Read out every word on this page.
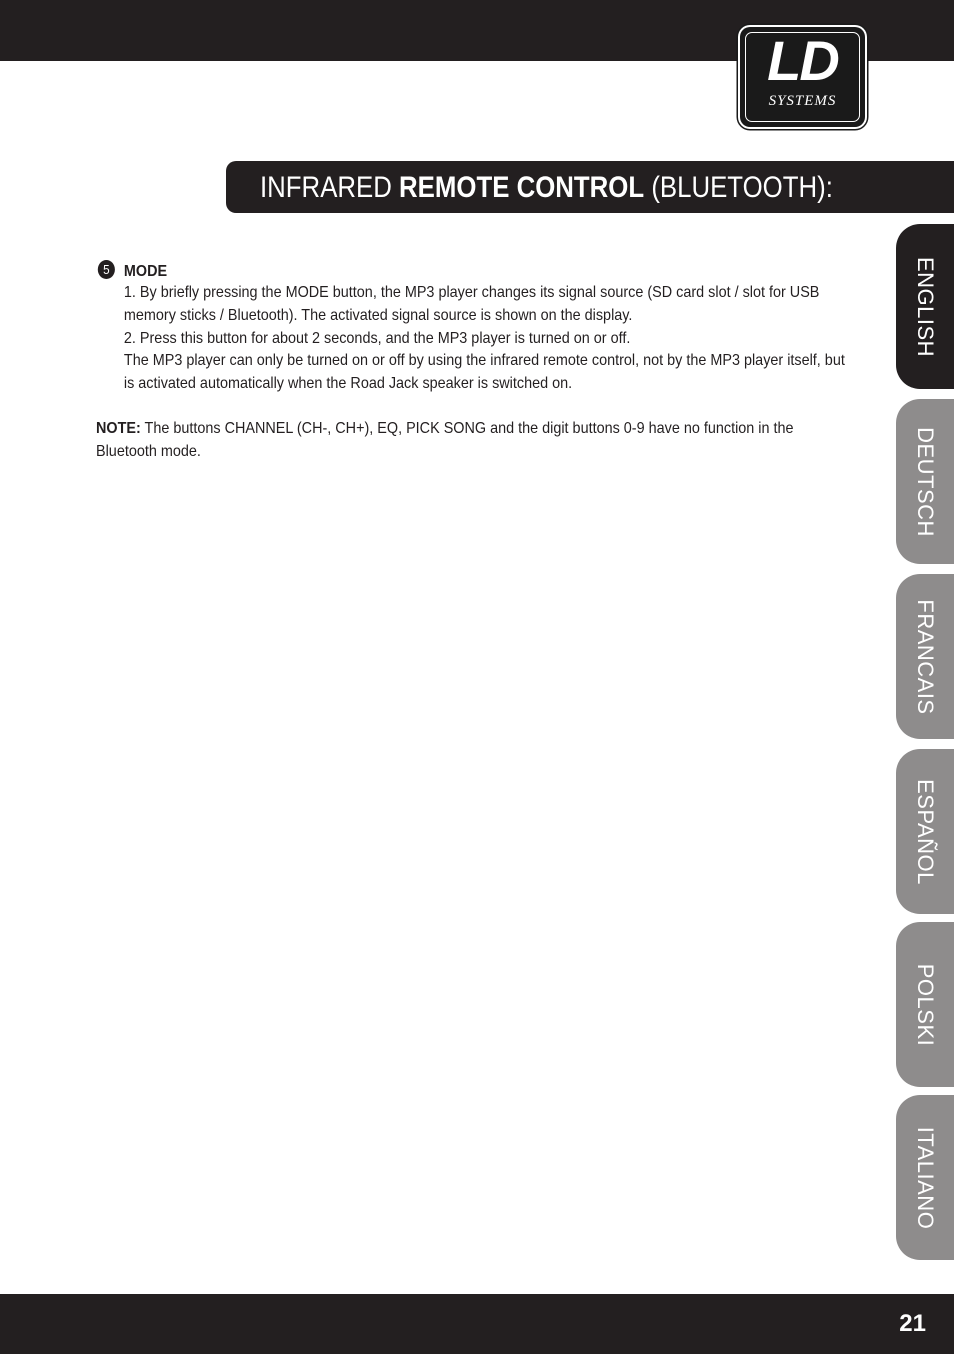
LD
SYSTEMS
INFRARED REMOTE CONTROL (BLUETOOTH):
5 MODE
1. By briefly pressing the MODE button, the MP3 player changes its signal source (SD card slot / slot for USB memory sticks / Bluetooth). The activated signal source is shown on the display.
2. Press this button for about 2 seconds, and the MP3 player is turned on or off.
The MP3 player can only be turned on or off by using the infrared remote control, not by the MP3 player itself, but is activated automatically when the Road Jack speaker is switched on.
NOTE: The buttons CHANNEL (CH-, CH+), EQ, PICK SONG and the digit buttons 0-9 have no function in the Bluetooth mode.
ENGLISH
DEUTSCH
FRANCAIS
ESPAÑOL
POLSKI
ITALIANO
21
